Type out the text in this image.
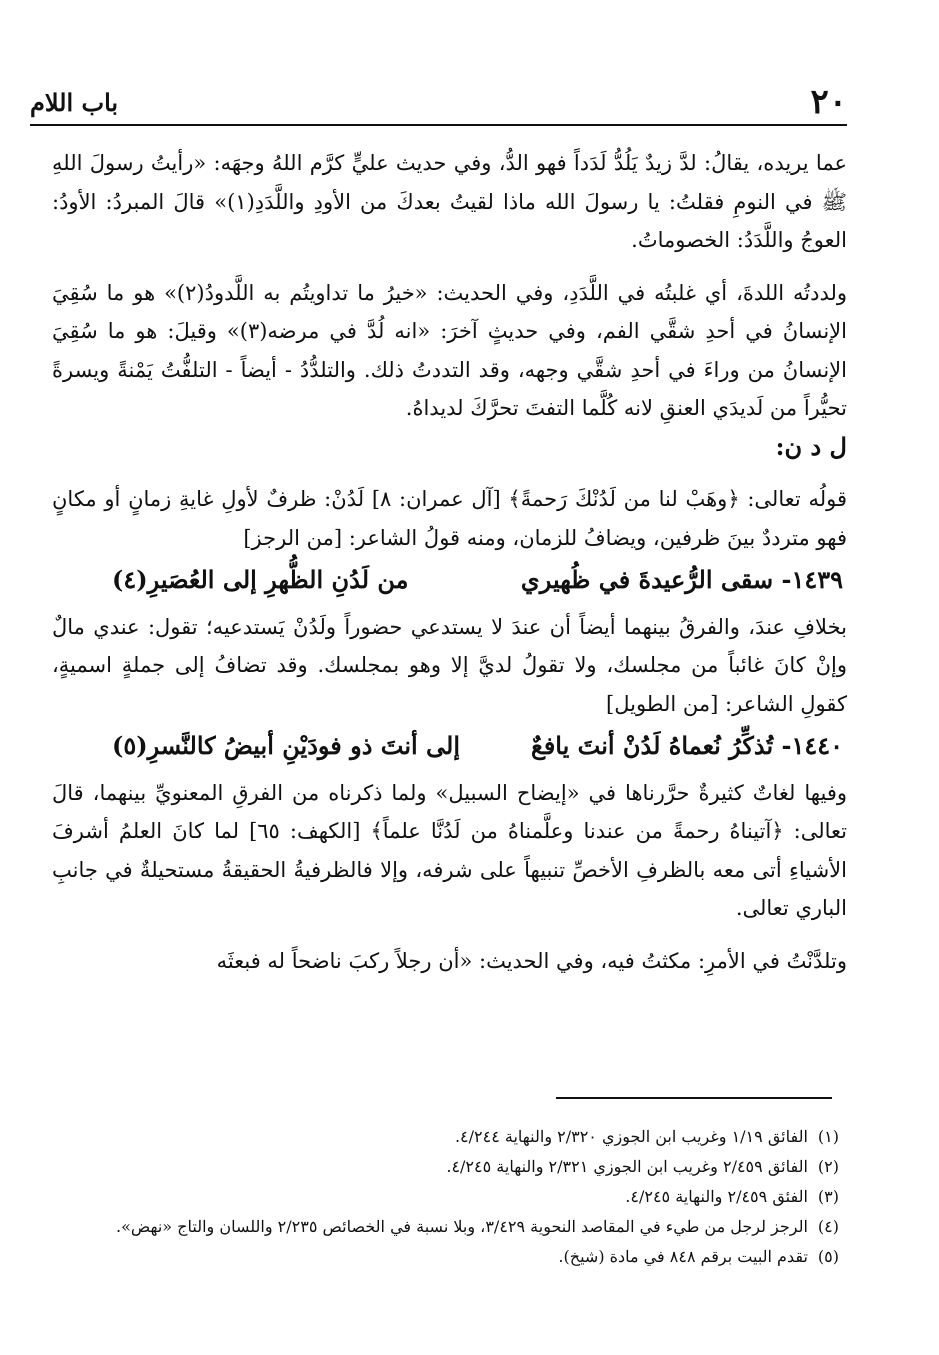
٢٠
باب اللام

عما يريده، يقالُ: لدَّ زيدٌ يَلُدُّ لَدَداً فهو الدُّ، وفي حديث عليٍّ كرَّم اللهُ وجهَه: «رأيتُ رسولَ اللهِ ﷺ في النومِ فقلتُ: يا رسولَ الله ماذا لقيتُ بعدكَ من الأودِ واللَّدَدِ(١)» قالَ المبردُ: الأودُ: العوجُ واللَّدَدُ: الخصوماتُ.

ولددتُه اللدةَ، أي غلبتُه في اللَّدَدِ، وفي الحديث: «خيرُ ما تداويتُم به اللَّدودُ(٢)» هو ما سُقِيَ الإنسانُ في أحدِ شقَّي الفم، وفي حديثٍ آخرَ: «انه لُدَّ في مرضه(٣)» وقيلَ: هو ما سُقِيَ الإنسانُ من وراءَ في أحدِ شقَّي وجهه، وقد التددتُ ذلك. والتلدُّدُ - أيضاً - التلفُّتُ يَمْنةً ويسرةً تحيُّراً من لَديدَي العنقِ لانه كُلَّما التفتَ تحرَّكَ لديداهُ.

ل د ن:

قولُه تعالى: ﴿وهَبْ لنا من لَدُنْكَ رَحمةً﴾ [آل عمران: ٨] لَدُنْ: ظرفٌ لأولِ غايةِ زمانٍ أو مكانٍ فهو مترددٌ بينَ ظرفين، ويضافُ للزمان، ومنه قولُ الشاعر: [من الرجز]

١٤٣٩- سقى الرُّعيدةَ في ظُهيري
من لَدُنِ الظُّهرِ إلى العُصَيرِ(٤)

بخلافِ عندَ، والفرقُ بينهما أيضاً أن عندَ لا يستدعي حضوراً ولَدُنْ يَستدعيه؛ تقول: عندي مالٌ وإنْ كانَ غائباً من مجلسك، ولا تقولُ لديَّ إلا وهو بمجلسك. وقد تضافُ إلى جملةٍ اسميةٍ، كقولِ الشاعر: [من الطويل]

١٤٤٠- تُذكِّرُ نُعماهُ لَدُنْ أنتَ يافعٌ
إلى أنتَ ذو فودَيْنِ أبيضُ كالنَّسرِ(٥)

وفيها لغاتٌ كثيرةٌ حرَّرناها في «إيضاح السبيل» ولما ذكرناه من الفرقِ المعنويِّ بينهما، قالَ تعالى: ﴿آتيناهُ رحمةً من عندنا وعلَّمناهُ من لَدُنَّا علماً﴾ [الكهف: ٦٥] لما كانَ العلمُ أشرفَ الأشياءِ أتى معه بالظرفِ الأخصِّ تنبيهاً على شرفه، وإلا فالظرفيةُ الحقيقةُ مستحيلةٌ في جانبِ الباري تعالى.

وتلدَّنْتُ في الأمرِ: مكثتُ فيه، وفي الحديث: «أن رجلاً ركبَ ناضحاً له فبعثَه

(١)
الفائق ١/١٩ وغريب ابن الجوزي ٢/٣٢٠ والنهاية ٤/٢٤٤.
(٢)
الفائق ٢/٤٥٩ وغريب ابن الجوزي ٢/٣٢١ والنهاية ٤/٢٤٥.
(٣)
الفئق ٢/٤٥٩ والنهاية ٤/٢٤٥.
(٤)
الرجز لرجل من طيء في المقاصد النحوية ٣/٤٢٩، وبلا نسبة في الخصائص ٢/٢٣٥ واللسان والتاج «نهض».
(٥)
تقدم البيت برقم ٨٤٨ في مادة (شيخ).
